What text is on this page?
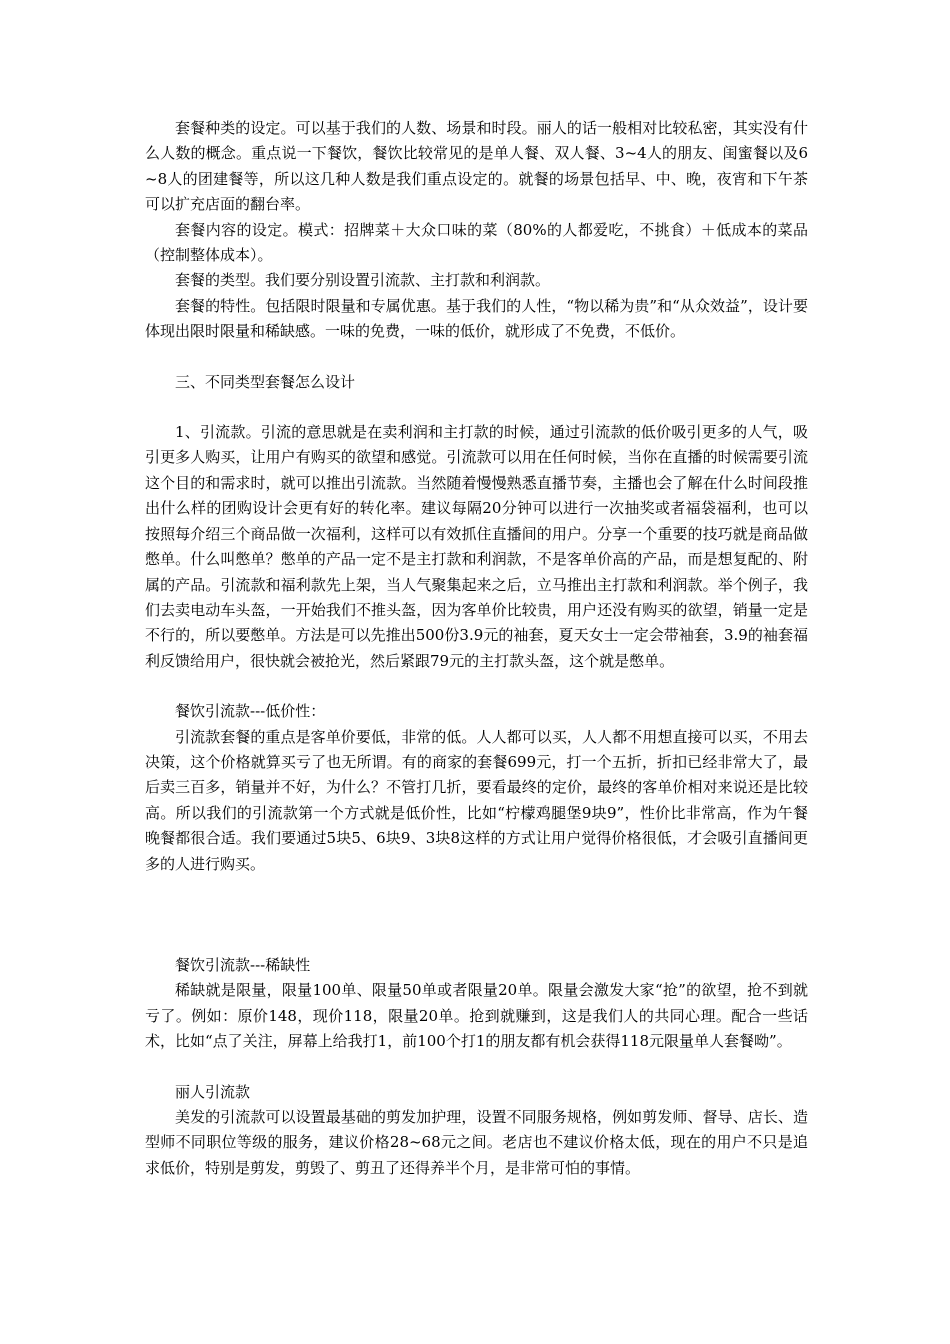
套餐种类的设定。可以基于我们的人数、场景和时段。丽人的话一般相对比较私密，其实没有什么人数的概念。重点说一下餐饮，餐饮比较常见的是单人餐、双人餐、3~4人的朋友、闺蜜餐以及6~8人的团建餐等，所以这几种人数是我们重点设定的。就餐的场景包括早、中、晚，夜宵和下午茶可以扩充店面的翻台率。

套餐内容的设定。模式：招牌菜＋大众口味的菜（80%的人都爱吃，不挑食）＋低成本的菜品（控制整体成本）。

套餐的类型。我们要分别设置引流款、主打款和利润款。

套餐的特性。包括限时限量和专属优惠。基于我们的人性，“物以稀为贵”和“从众效益”，设计要体现出限时限量和稀缺感。一味的免费，一味的低价，就形成了不免费，不低价。

三、不同类型套餐怎么设计

1、引流款。引流的意思就是在卖利润和主打款的时候，通过引流款的低价吸引更多的人气，吸引更多人购买，让用户有购买的欲望和感觉。引流款可以用在任何时候，当你在直播的时候需要引流这个目的和需求时，就可以推出引流款。当然随着慢慢熟悉直播节奏，主播也会了解在什么时间段推出什么样的团购设计会更有好的转化率。建议每隔20分钟可以进行一次抽奖或者福袋福利，也可以按照每介绍三个商品做一次福利，这样可以有效抓住直播间的用户。分享一个重要的技巧就是商品做憋单。什么叫憋单？憋单的产品一定不是主打款和利润款，不是客单价高的产品，而是想复配的、附属的产品。引流款和福利款先上架，当人气聚集起来之后，立马推出主打款和利润款。举个例子，我们去卖电动车头盔，一开始我们不推头盔，因为客单价比较贵，用户还没有购买的欲望，销量一定是不行的，所以要憋单。方法是可以先推出500份3.9元的袖套，夏天女士一定会带袖套，3.9的袖套福利反馈给用户，很快就会被抢光，然后紧跟79元的主打款头盔，这个就是憋单。

餐饮引流款---低价性：

引流款套餐的重点是客单价要低，非常的低。人人都可以买，人人都不用想直接可以买，不用去决策，这个价格就算买亏了也无所谓。有的商家的套餐699元，打一个五折，折扣已经非常大了，最后卖三百多，销量并不好，为什么？不管打几折，要看最终的定价，最终的客单价相对来说还是比较高。所以我们的引流款第一个方式就是低价性，比如“柠檬鸡腿堡9块9”，性价比非常高，作为午餐晚餐都很合适。我们要通过5块5、6块9、3块8这样的方式让用户觉得价格很低，才会吸引直播间更多的人进行购买。

餐饮引流款---稀缺性

稀缺就是限量，限量100单、限量50单或者限量20单。限量会激发大家“抢”的欲望，抢不到就亏了。例如：原价148，现价118，限量20单。抢到就赚到，这是我们人的共同心理。配合一些话术，比如“点了关注，屏幕上给我打1，前100个打1的朋友都有机会获得118元限量单人套餐呦”。

丽人引流款

美发的引流款可以设置最基础的剪发加护理，设置不同服务规格，例如剪发师、督导、店长、造型师不同职位等级的服务，建议价格28~68元之间。老店也不建议价格太低，现在的用户不只是追求低价，特别是剪发，剪毁了、剪丑了还得养半个月，是非常可怕的事情。
